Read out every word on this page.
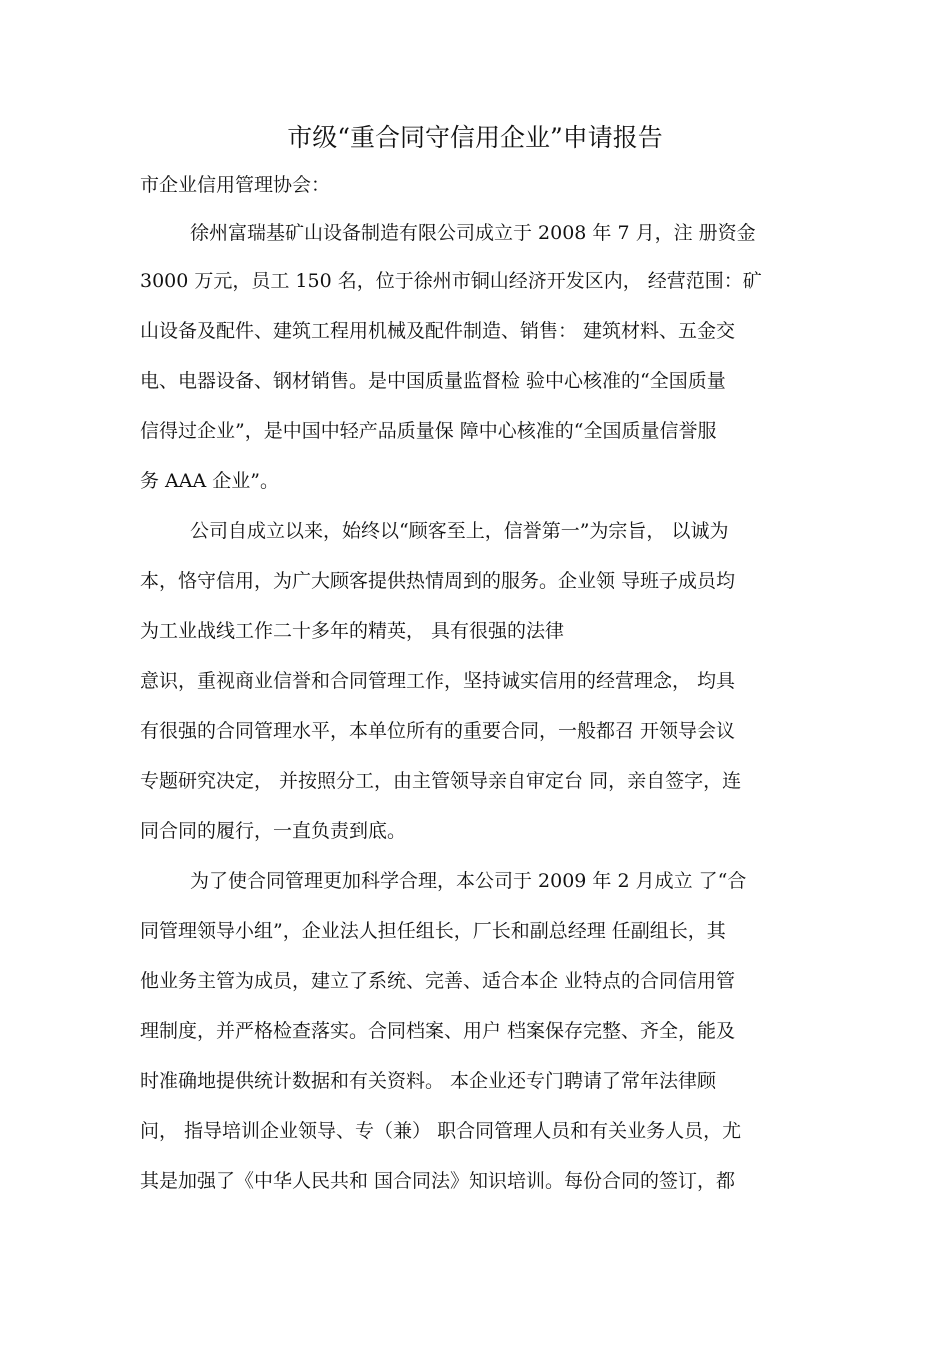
市级“重合同守信用企业”申请报告
市企业信用管理协会：
徐州富瑞基矿山设备制造有限公司成立于 2008 年 7 月，注 册资金
3000 万元，员工 150 名，位于徐州市铜山经济开发区内， 经营范围：矿
山设备及配件、建筑工程用机械及配件制造、销售： 建筑材料、五金交
电、电器设备、钢材销售。是中国质量监督检 验中心核准的“全国质量
信得过企业”，是中国中轻产品质量保 障中心核准的“全国质量信誉服
务 AAA 企业”。
公司自成立以来，始终以“顾客至上，信誉第一”为宗旨， 以诚为
本，恪守信用，为广大顾客提供热情周到的服务。企业领 导班子成员均
为工业战线工作二十多年的精英， 具有很强的法律
意识，重视商业信誉和合同管理工作，坚持诚实信用的经营理念， 均具
有很强的合同管理水平，本单位所有的重要合同，一般都召 开领导会议
专题研究决定， 并按照分工，由主管领导亲自审定台 同，亲自签字，连
同合同的履行，一直负责到底。
为了使合同管理更加科学合理，本公司于 2009 年 2 月成立 了“合
同管理领导小组”，企业法人担任组长，厂长和副总经理 任副组长，其
他业务主管为成员，建立了系统、完善、适合本企 业特点的合同信用管
理制度，并严格检查落实。合同档案、用户 档案保存完整、齐全，能及
时准确地提供统计数据和有关资料。 本企业还专门聘请了常年法律顾
问， 指导培训企业领导、专（兼） 职合同管理人员和有关业务人员，尤
其是加强了《中华人民共和 国合同法》知识培训。每份合同的签订，都
